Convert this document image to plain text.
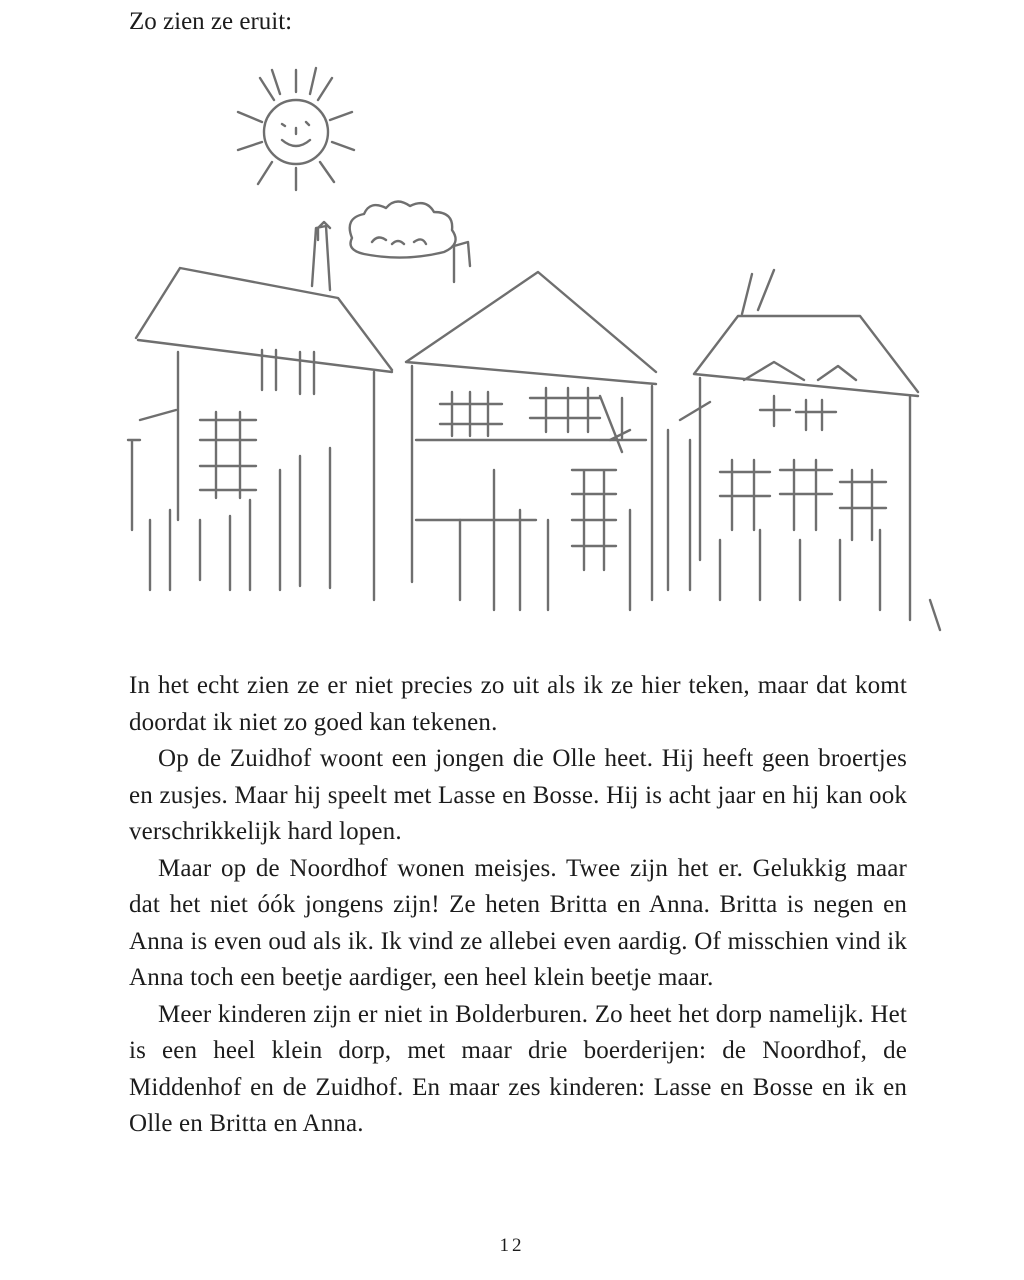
Zo zien ze eruit:

In het echt zien ze er niet precies zo uit als ik ze hier teken, maar dat komt doordat ik niet zo goed kan tekenen.

Op de Zuidhof woont een jongen die Olle heet. Hij heeft geen broertjes en zusjes. Maar hij speelt met Lasse en Bosse. Hij is acht jaar en hij kan ook verschrikkelijk hard lopen.

Maar op de Noordhof wonen meisjes. Twee zijn het er. Gelukkig maar dat het niet óók jongens zijn! Ze heten Britta en Anna. Britta is negen en Anna is even oud als ik. Ik vind ze allebei even aardig. Of misschien vind ik Anna toch een beetje aardiger, een heel klein beetje maar.

Meer kinderen zijn er niet in Bolderburen. Zo heet het dorp namelijk. Het is een heel klein dorp, met maar drie boerderijen: de Noordhof, de Middenhof en de Zuidhof. En maar zes kinderen: Lasse en Bosse en ik en Olle en Britta en Anna.

12
